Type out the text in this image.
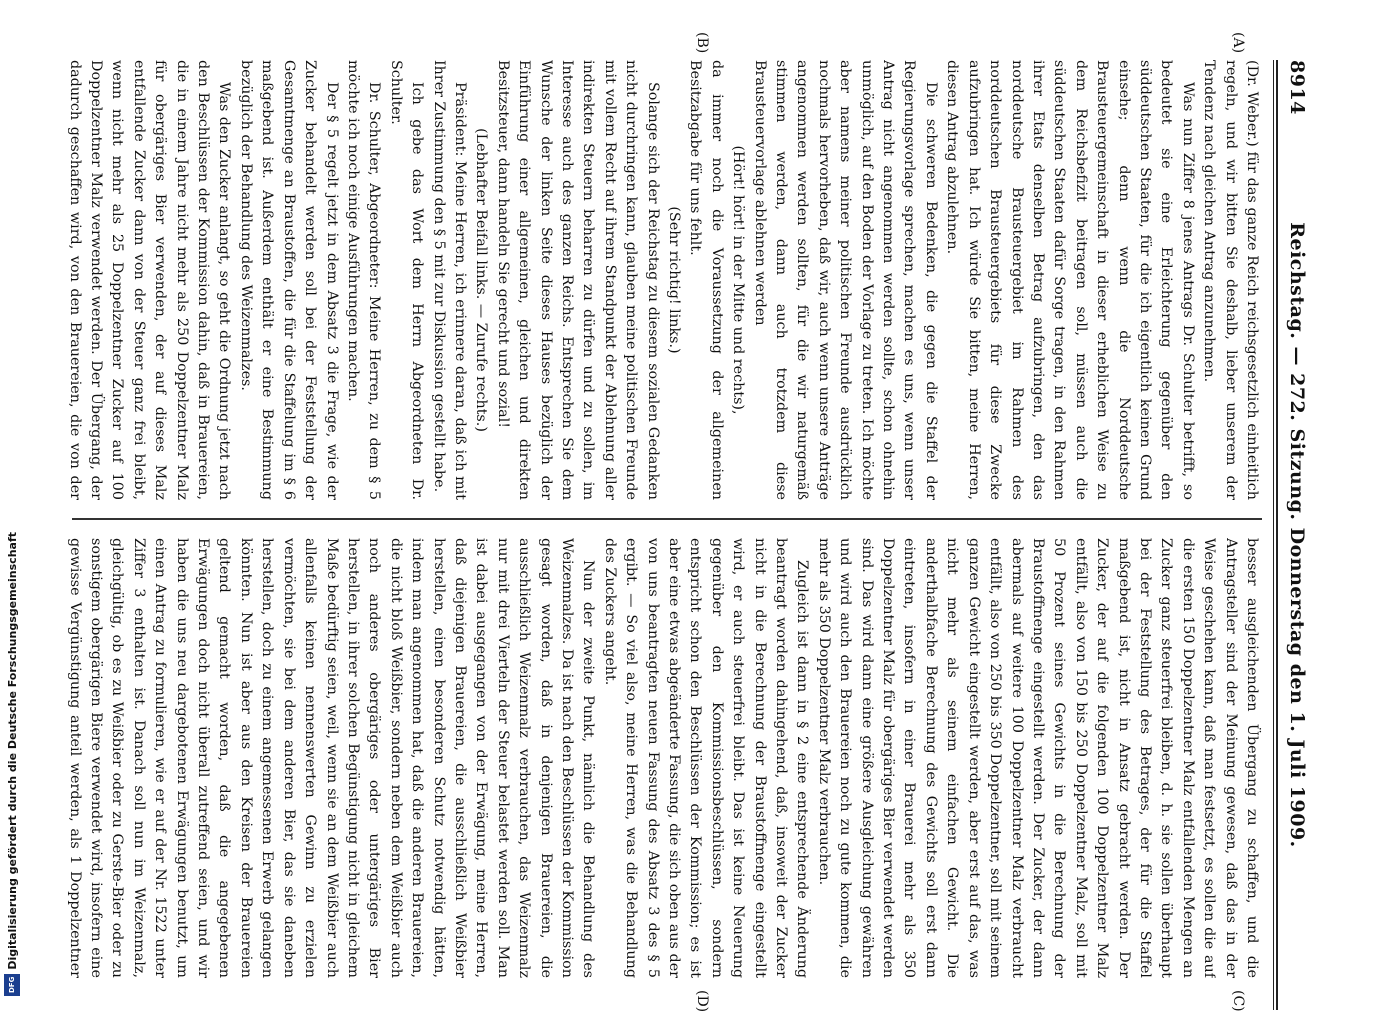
8914
Reichstag. — 272. Sitzung. Donnerstag den 1. Juli 1909.
(A)
(B)
(C)
(D)

(Dr. Weber.) für das ganze Reich reichsgesetzlich einheitlich regeln, und wir bitten Sie deshalb, lieber unserem der Tendenz nach gleichen Antrag anzunehmen.

Was nun Ziffer 8 jenes Antrags Dr. Schulter betrifft, so bedeutet sie eine Erleichterung gegenüber den süddeutschen Staaten, für die ich eigentlich keinen Grund einsehe; denn wenn die Norddeutsche Brausteuergemeinschaft in dieser erheblichen Weise zu dem Reichsbefizit beitragen soll, müssen auch die süddeutschen Staaten dafür Sorge tragen, in den Rahmen ihrer Etats denselben Betrag aufzubringen, den das norddeutsche Brausteuergebiet im Rahmen des norddeutschen Brausteuergebiets für diese Zwecke aufzubringen hat. Ich würde Sie bitten, meine Herren, diesen Antrag abzulehnen.

Die schweren Bedenken, die gegen die Staffel der Regierungsvorlage sprechen, machen es uns, wenn unser Antrag nicht angenommen werden sollte, schon ohnehin unmöglich, auf den Boden der Vorlage zu treten. Ich möchte aber namens meiner politischen Freunde ausdrücklich nochmals hervorheben, daß wir, auch wenn unsere Anträge angenommen werden sollten, für die wir naturgemäß stimmen werden, dann auch trotzdem diese Brausteuervorlage ablehnen werden

(Hört! hört! in der Mitte und rechts),

da immer noch die Voraussetzung der allgemeinen Besitzabgabe für uns fehlt.

(Sehr richtig! links.)

Solange sich der Reichstag zu diesem sozialen Gedanken nicht durchringen kann, glauben meine politischen Freunde mit vollem Recht auf ihrem Standpunkt der Ablehnung aller indirekten Steuern beharren zu dürfen und zu sollen, im Interesse auch des ganzen Reichs. Entsprechen Sie dem Wunsche der linken Seite dieses Hauses bezüglich der Einführung einer allgemeinen, gleichen und direkten Besitzsteuer, dann handeln Sie gerecht und sozial!

(Lebhafter Beifall links. — Zurufe rechts.)

Präsident: Meine Herren, ich erinnere daran, daß ich mit Ihrer Zustimmung den § 5 mit zur Diskussion gestellt habe.

Ich gebe das Wort dem Herrn Abgeordneten Dr. Schulter.

Dr. Schulter, Abgeordneter: Meine Herren, zu dem § 5 möchte ich noch einige Ausführungen machen.

Der § 5 regelt jetzt in dem Absatz 3 die Frage, wie der Zucker behandelt werden soll bei der Feststellung der Gesamtmenge an Braustoffen, die für die Staffelung im § 6 maßgebend ist. Außerdem enthält er eine Bestimmung bezüglich der Behandlung des Weizenmalzes.

Was den Zucker anlangt, so geht die Ordnung jetzt nach den Beschlüssen der Kommission dahin, daß in Brauereien, die in einem Jahre nicht mehr als 250 Doppelzentner Malz für obergäriges Bier verwenden, der auf dieses Malz entfallende Zucker dann von der Steuer ganz frei bleibt, wenn nicht mehr als 25 Doppelzentner Zucker auf 100 Doppelzentner Malz verwendet werden. Der Übergang, der dadurch geschaffen wird, von den Brauereien, die von der

besser ausgleichenden Übergang zu schaffen, und die Antragsteller sind der Meinung gewesen, daß das in der Weise geschehen kann, daß man festsetzt, es sollen die auf die ersten 150 Doppelzentner Malz entfallenden Mengen an Zucker ganz steuerfrei bleiben, d. h. sie sollen überhaupt bei der Feststellung des Betrages, der für die Staffel maßgebend ist, nicht in Ansatz gebracht werden. Der Zucker, der auf die folgenden 100 Doppelzentner Malz entfällt, also von 150 bis 250 Doppelzentner Malz, soll mit 50 Prozent seines Gewichts in die Berechnung der Braustoffmenge eingestellt werden. Der Zucker, der dann abermals auf weitere 100 Doppelzentner Malz verbraucht entfällt, also von 250 bis 350 Doppelzentner, soll mit seinem ganzen Gewicht eingestellt werden, aber erst auf das, was nicht mehr als seinem einfachen Gewicht. Die anderthalbfache Berechnung des Gewichts soll erst dann eintreten, insofern in einer Brauerei mehr als 350 Doppelzentner Malz für obergäriges Bier verwendet werden sind. Das wird dann eine größere Ausgleichung gewähren und wird auch den Brauereien noch zu gute kommen, die mehr als 350 Doppelzentner Malz verbrauchen.

Zugleich ist dann in § 2 eine entsprechende Änderung beantragt worden dahingehend, daß, insoweit der Zucker nicht in die Berechnung der Braustoffmenge eingestellt wird, er auch steuerfrei bleibt. Das ist keine Neuerung gegenüber den Kommissionsbeschlüssen, sondern entspricht schon den Beschlüssen der Kommission; es ist aber eine etwas abgeänderte Fassung, die sich oben aus der von uns beantragten neuen Fassung des Absatz 3 des § 5 ergibt. — So viel also, meine Herren, was die Behandlung des Zuckers angeht.

Nun der zweite Punkt, nämlich die Behandlung des Weizenmalzes. Da ist nach den Beschlüssen der Kommission gesagt worden, daß in denjenigen Brauereien, die ausschließlich Weizenmalz verbrauchen, das Weizenmalz nur mit drei Vierteln der Steuer belastet werden soll. Man ist dabei ausgegangen von der Erwägung, meine Herren, daß diejenigen Brauereien, die ausschließlich Weißbier herstellen, einen besonderen Schutz notwendig hätten, indem man angenommen hat, daß die anderen Brauereien, die nicht bloß Weißbier, sondern neben dem Weißbier auch noch anderes obergäriges oder untergäriges Bier herstellen, in ihrer solchen Begünstigung nicht in gleichem Maße bedürftig seien, weil, wenn sie an dem Weißbier auch allenfalls keinen nennenswerten Gewinn zu erzielen vermöchten, sie bei dem anderen Bier, das sie daneben herstellen, doch zu einem angemessenen Erwerb gelangen könnten. Nun ist aber aus den Kreisen der Brauereien geltend gemacht worden, daß die angegebenen Erwägungen doch nicht überall zutreffend seien, und wir haben die uns neu dargebotenen Erwägungen benutzt, um einen Antrag zu formulieren, wie er auf der Nr. 1522 unter Ziffer 3 enthalten ist. Danach soll nun im Weizenmalz, gleichgültig, ob es zu Weißbier oder zu Gerste-Bier oder zu sonstigem obergärigen Biere verwendet wird, insofern eine gewisse Vergünstigung anteil werden, als 1 Doppelzentner

Digitalisierung gefördert durch die Deutsche Forschungsgemeinschaft
DFG
